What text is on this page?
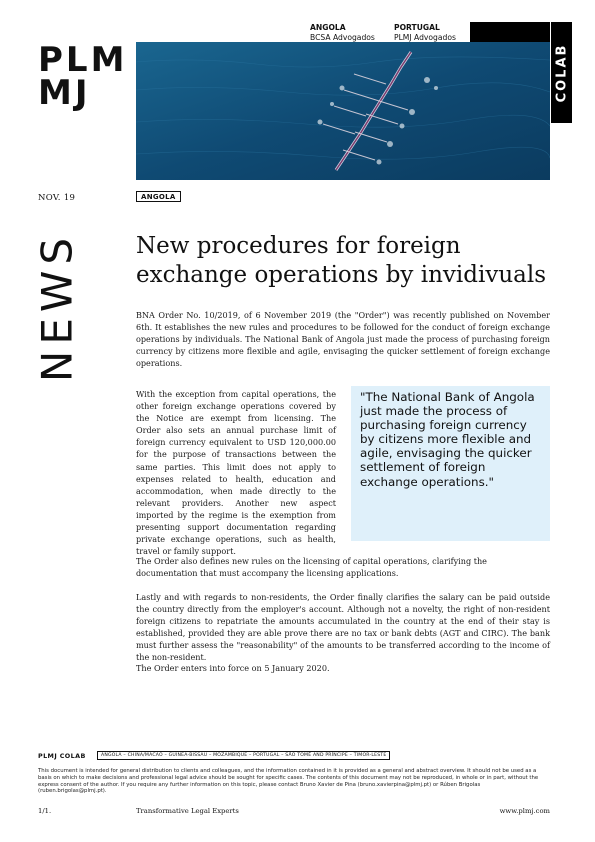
PLM
MJ
ANGOLA
BCSA Advogados
PORTUGAL
PLMJ Advogados
COLAB
NOV. 19	ANGOLA
NEWS New procedures for foreign exchange operations by invidivuals

BNA Order No. 10/2019, of 6 November 2019 (the "Order") was recently published on November 6th. It establishes the new rules and procedures to be followed for the conduct of foreign exchange operations by individuals. The National Bank of Angola just made the process of purchasing foreign currency by citizens more flexible and agile, envisaging the quicker settlement of foreign exchange operations.

With the exception from capital operations, the other foreign exchange operations covered by the Notice are exempt from licensing. The Order also sets an annual purchase limit of foreign currency equivalent to USD 120,000.00 for the purpose of transactions between the same parties. This limit does not apply to expenses related to health, education and accommodation, when made directly to the relevant providers. Another new aspect imported by the regime is the exemption from presenting support documentation regarding private exchange operations, such as health, travel or family support.

"The National Bank of Angola just made the process of purchasing foreign currency by citizens more flexible and agile, envisaging the quicker settlement of foreign exchange operations."

The Order also defines new rules on the licensing of capital operations, clarifying the documentation that must accompany the licensing applications.

Lastly and with regards to non-residents, the Order finally clarifies the salary can be paid outside the country directly from the employer's account. Although not a novelty, the right of non-resident foreign citizens to repatriate the amounts accumulated in the country at the end of their stay is established, provided they are able prove there are no tax or bank debts (AGT and CIRC). The bank must further assess the "reasonability" of the amounts to be transferred according to the income of the non-resident.

The Order enters into force on 5 January 2020.

PLMJ COLAB	ANGOLA – CHINA/MACAO – GUINEA-BISSAU – MOZAMBIQUE – PORTUGAL – SÃO TOMÉ AND PRÍNCIPE – TIMOR-LESTE

This document is intended for general distribution to clients and colleagues, and the information contained in it is provided as a general and abstract overview. It should not be used as a basis on which to make decisions and professional legal advice should be sought for specific cases. The contents of this document may not be reproduced, in whole or in part, without the express consent of the author. If you require any further information on this topic, please contact Bruno Xavier de Pina (bruno.xavierpina@plmj.pt) or Rúben Brigolas (ruben.brigolas@plmj.pt).

1/1.	Transformative Legal Experts	www.plmj.com
